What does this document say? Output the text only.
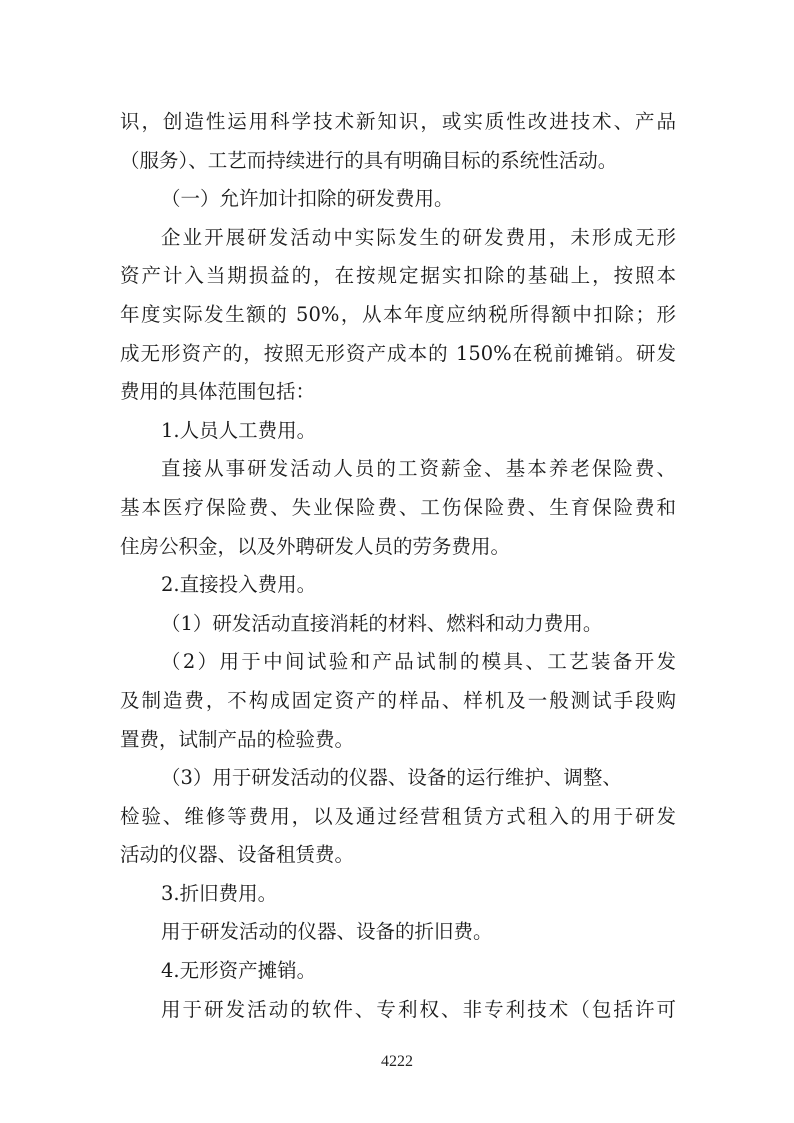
识，创造性运用科学技术新知识，或实质性改进技术、产品
（服务）、工艺而持续进行的具有明确目标的系统性活动。
（一）允许加计扣除的研发费用。
企业开展研发活动中实际发生的研发费用，未形成无形
资产计入当期损益的，在按规定据实扣除的基础上，按照本
年度实际发生额的 50%，从本年度应纳税所得额中扣除；形
成无形资产的，按照无形资产成本的 150%在税前摊销。研发
费用的具体范围包括：
1.人员人工费用。
直接从事研发活动人员的工资薪金、基本养老保险费、
基本医疗保险费、失业保险费、工伤保险费、生育保险费和
住房公积金，以及外聘研发人员的劳务费用。
2.直接投入费用。
（1）研发活动直接消耗的材料、燃料和动力费用。
（2）用于中间试验和产品试制的模具、工艺装备开发
及制造费，不构成固定资产的样品、样机及一般测试手段购
置费，试制产品的检验费。
（3）用于研发活动的仪器、设备的运行维护、调整、
检验、维修等费用，以及通过经营租赁方式租入的用于研发
活动的仪器、设备租赁费。
3.折旧费用。
用于研发活动的仪器、设备的折旧费。
4.无形资产摊销。
用于研发活动的软件、专利权、非专利技术（包括许可
4222
